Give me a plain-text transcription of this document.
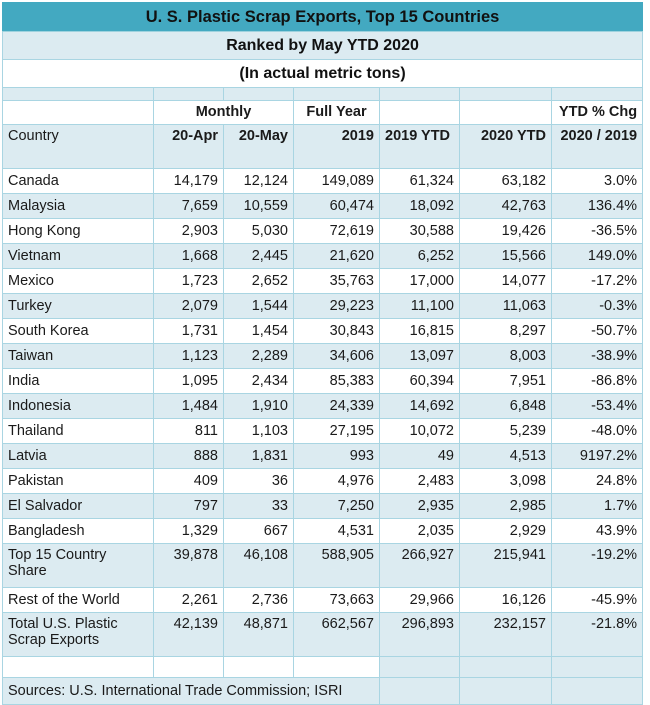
U. S. Plastic Scrap Exports, Top 15 Countries						
Ranked by May YTD 2020						
(In actual metric tons)						

	Monthly		Full Year			YTD % Chg
Country	20-Apr	20-May	2019	2019 YTD	2020 YTD	2020 / 2019
Canada	14,179	12,124	149,089	61,324	63,182	3.0%
Malaysia	7,659	10,559	60,474	18,092	42,763	136.4%
Hong Kong	2,903	5,030	72,619	30,588	19,426	-36.5%
Vietnam	1,668	2,445	21,620	6,252	15,566	149.0%
Mexico	1,723	2,652	35,763	17,000	14,077	-17.2%
Turkey	2,079	1,544	29,223	11,100	11,063	-0.3%
South Korea	1,731	1,454	30,843	16,815	8,297	-50.7%
Taiwan	1,123	2,289	34,606	13,097	8,003	-38.9%
India	1,095	2,434	85,383	60,394	7,951	-86.8%
Indonesia	1,484	1,910	24,339	14,692	6,848	-53.4%
Thailand	811	1,103	27,195	10,072	5,239	-48.0%
Latvia	888	1,831	993	49	4,513	9197.2%
Pakistan	409	36	4,976	2,483	3,098	24.8%
El Salvador	797	33	7,250	2,935	2,985	1.7%
Bangladesh	1,329	667	4,531	2,035	2,929	43.9%
Top 15 Country Share	39,878	46,108	588,905	266,927	215,941	-19.2%
Rest of the World	2,261	2,736	73,663	29,966	16,126	-45.9%
Total U.S. Plastic Scrap Exports	42,139	48,871	662,567	296,893	232,157	-21.8%

Sources: U.S. International Trade Commission; ISRI						
